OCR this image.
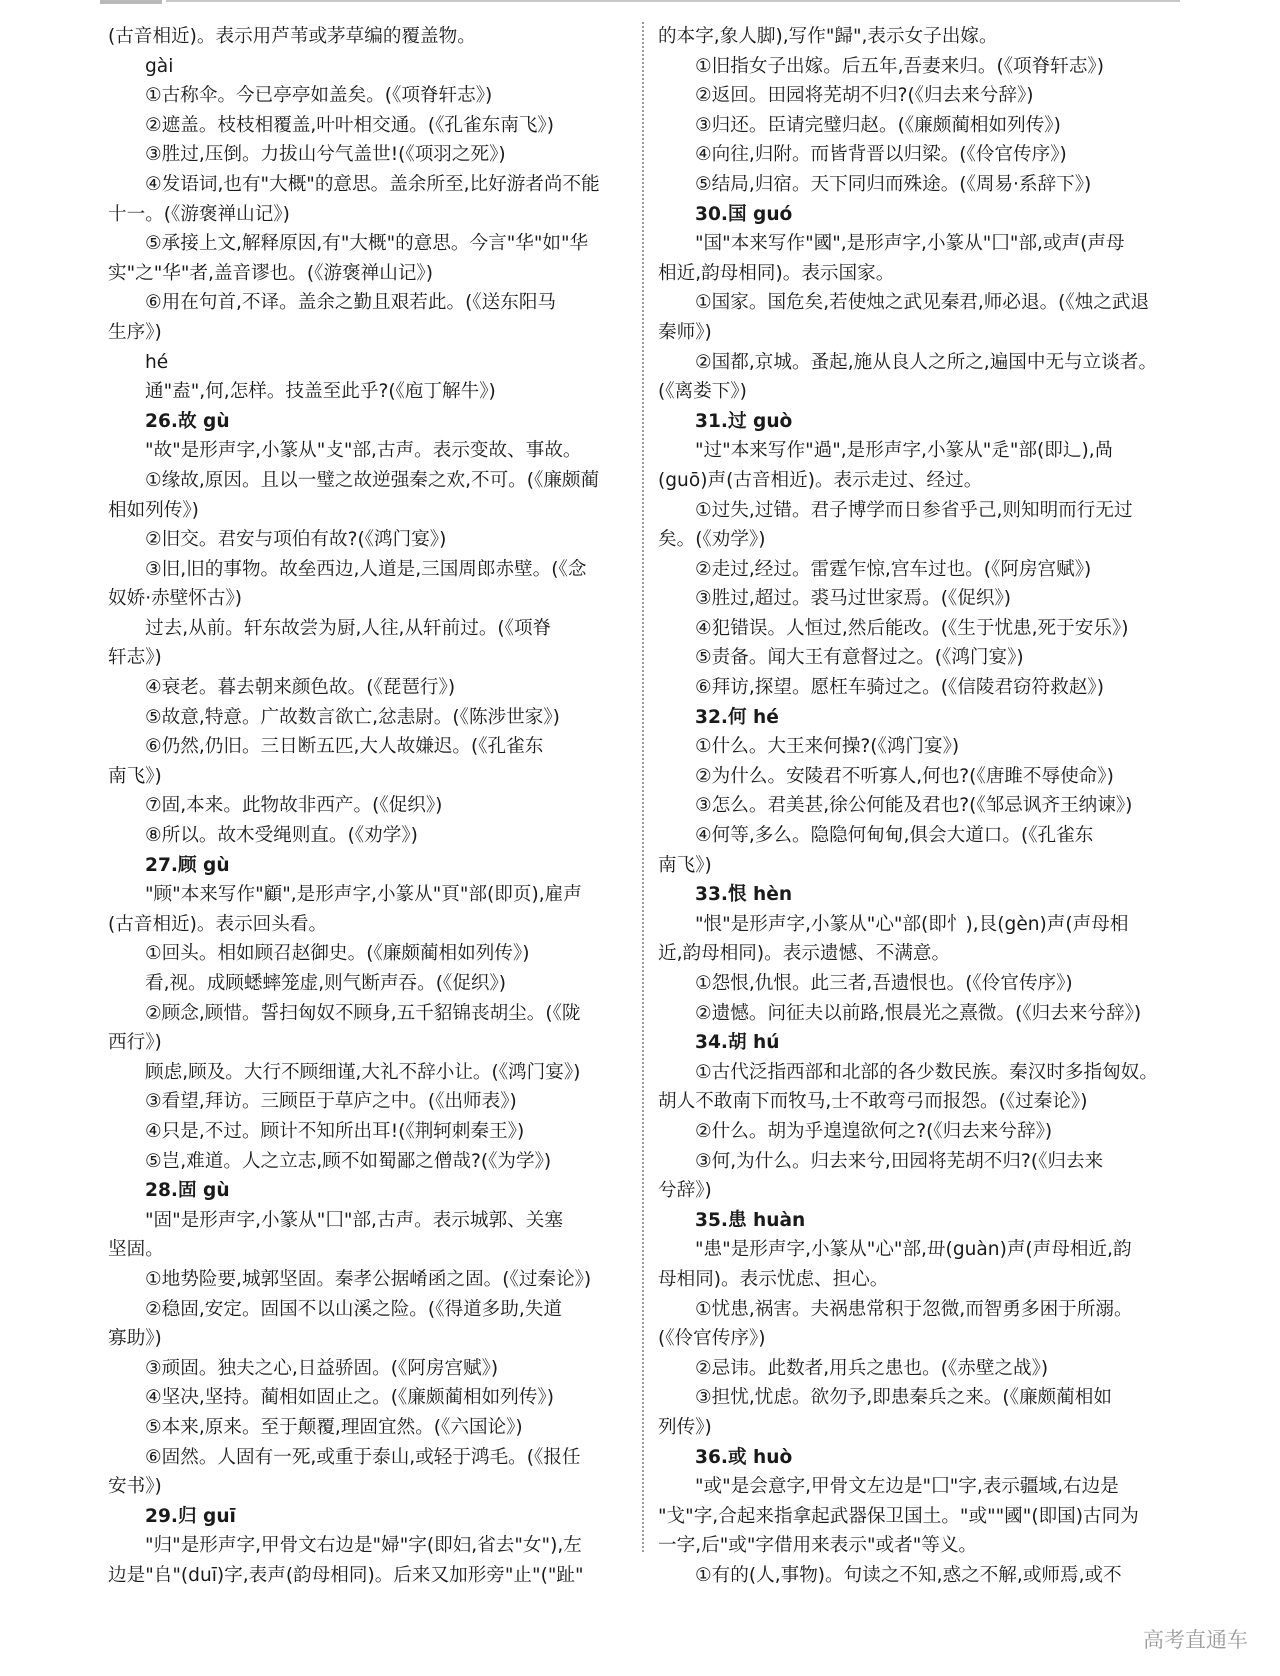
(古音相近)。表示用芦苇或茅草编的覆盖物。
gài
①古称伞。今已亭亭如盖矣。(《项脊轩志》)
②遮盖。枝枝相覆盖,叶叶相交通。(《孔雀东南飞》)
③胜过,压倒。力拔山兮气盖世!(《项羽之死》)
④发语词,也有"大概"的意思。盖余所至,比好游者尚不能
十一。(《游褒禅山记》)
⑤承接上文,解释原因,有"大概"的意思。今言"华"如"华
实"之"华"者,盖音谬也。(《游褒禅山记》)
⑥用在句首,不译。盖余之勤且艰若此。(《送东阳马
生序》)
hé
通"盍",何,怎样。技盖至此乎?(《庖丁解牛》)
26.故 gù
"故"是形声字,小篆从"攴"部,古声。表示变故、事故。
①缘故,原因。且以一璧之故逆强秦之欢,不可。(《廉颇蔺
相如列传》)
②旧交。君安与项伯有故?(《鸿门宴》)
③旧,旧的事物。故垒西边,人道是,三国周郎赤壁。(《念
奴娇·赤壁怀古》)
过去,从前。轩东故尝为厨,人往,从轩前过。(《项脊
轩志》)
④衰老。暮去朝来颜色故。(《琵琶行》)
⑤故意,特意。广故数言欲亡,忿恚尉。(《陈涉世家》)
⑥仍然,仍旧。三日断五匹,大人故嫌迟。(《孔雀东
南飞》)
⑦固,本来。此物故非西产。(《促织》)
⑧所以。故木受绳则直。(《劝学》)
27.顾 gù
"顾"本来写作"顧",是形声字,小篆从"頁"部(即页),雇声
(古音相近)。表示回头看。
①回头。相如顾召赵御史。(《廉颇蔺相如列传》)
看,视。成顾蟋蟀笼虚,则气断声吞。(《促织》)
②顾念,顾惜。誓扫匈奴不顾身,五千貂锦丧胡尘。(《陇
西行》)
顾虑,顾及。大行不顾细谨,大礼不辞小让。(《鸿门宴》)
③看望,拜访。三顾臣于草庐之中。(《出师表》)
④只是,不过。顾计不知所出耳!(《荆轲刺秦王》)
⑤岂,难道。人之立志,顾不如蜀鄙之僧哉?(《为学》)
28.固 gù
"固"是形声字,小篆从"囗"部,古声。表示城郭、关塞
坚固。
①地势险要,城郭坚固。秦孝公据崤函之固。(《过秦论》)
②稳固,安定。固国不以山溪之险。(《得道多助,失道
寡助》)
③顽固。独夫之心,日益骄固。(《阿房宫赋》)
④坚决,坚持。蔺相如固止之。(《廉颇蔺相如列传》)
⑤本来,原来。至于颠覆,理固宜然。(《六国论》)
⑥固然。人固有一死,或重于泰山,或轻于鸿毛。(《报任
安书》)
29.归 guī
"归"是形声字,甲骨文右边是"婦"字(即妇,省去"女"),左
边是"𠂤"(duī)字,表声(韵母相同)。后来又加形旁"止"("趾"
的本字,象人脚),写作"歸",表示女子出嫁。
①旧指女子出嫁。后五年,吾妻来归。(《项脊轩志》)
②返回。田园将芜胡不归?(《归去来兮辞》)
③归还。臣请完璧归赵。(《廉颇蔺相如列传》)
④向往,归附。而皆背晋以归梁。(《伶官传序》)
⑤结局,归宿。天下同归而殊途。(《周易·系辞下》)
30.国 guó
"国"本来写作"國",是形声字,小篆从"囗"部,或声(声母
相近,韵母相同)。表示国家。
①国家。国危矣,若使烛之武见秦君,师必退。(《烛之武退
秦师》)
②国都,京城。蚤起,施从良人之所之,遍国中无与立谈者。
(《离娄下》)
31.过 guò
"过"本来写作"過",是形声字,小篆从"辵"部(即辶),咼
(guō)声(古音相近)。表示走过、经过。
①过失,过错。君子博学而日参省乎己,则知明而行无过
矣。(《劝学》)
②走过,经过。雷霆乍惊,宫车过也。(《阿房宫赋》)
③胜过,超过。裘马过世家焉。(《促织》)
④犯错误。人恒过,然后能改。(《生于忧患,死于安乐》)
⑤责备。闻大王有意督过之。(《鸿门宴》)
⑥拜访,探望。愿枉车骑过之。(《信陵君窃符救赵》)
32.何 hé
①什么。大王来何操?(《鸿门宴》)
②为什么。安陵君不听寡人,何也?(《唐雎不辱使命》)
③怎么。君美甚,徐公何能及君也?(《邹忌讽齐王纳谏》)
④何等,多么。隐隐何甸甸,俱会大道口。(《孔雀东
南飞》)
33.恨 hèn
"恨"是形声字,小篆从"心"部(即忄),艮(gèn)声(声母相
近,韵母相同)。表示遗憾、不满意。
①怨恨,仇恨。此三者,吾遗恨也。(《伶官传序》)
②遗憾。问征夫以前路,恨晨光之熹微。(《归去来兮辞》)
34.胡 hú
①古代泛指西部和北部的各少数民族。秦汉时多指匈奴。
胡人不敢南下而牧马,士不敢弯弓而报怨。(《过秦论》)
②什么。胡为乎遑遑欲何之?(《归去来兮辞》)
③何,为什么。归去来兮,田园将芜胡不归?(《归去来
兮辞》)
35.患 huàn
"患"是形声字,小篆从"心"部,毌(guàn)声(声母相近,韵
母相同)。表示忧虑、担心。
①忧患,祸害。夫祸患常积于忽微,而智勇多困于所溺。
(《伶官传序》)
②忌讳。此数者,用兵之患也。(《赤壁之战》)
③担忧,忧虑。欲勿予,即患秦兵之来。(《廉颇蔺相如
列传》)
36.或 huò
"或"是会意字,甲骨文左边是"囗"字,表示疆域,右边是
"戈"字,合起来指拿起武器保卫国土。"或""國"(即国)古同为
一字,后"或"字借用来表示"或者"等义。
①有的(人,事物)。句读之不知,惑之不解,或师焉,或不
高考直通车
